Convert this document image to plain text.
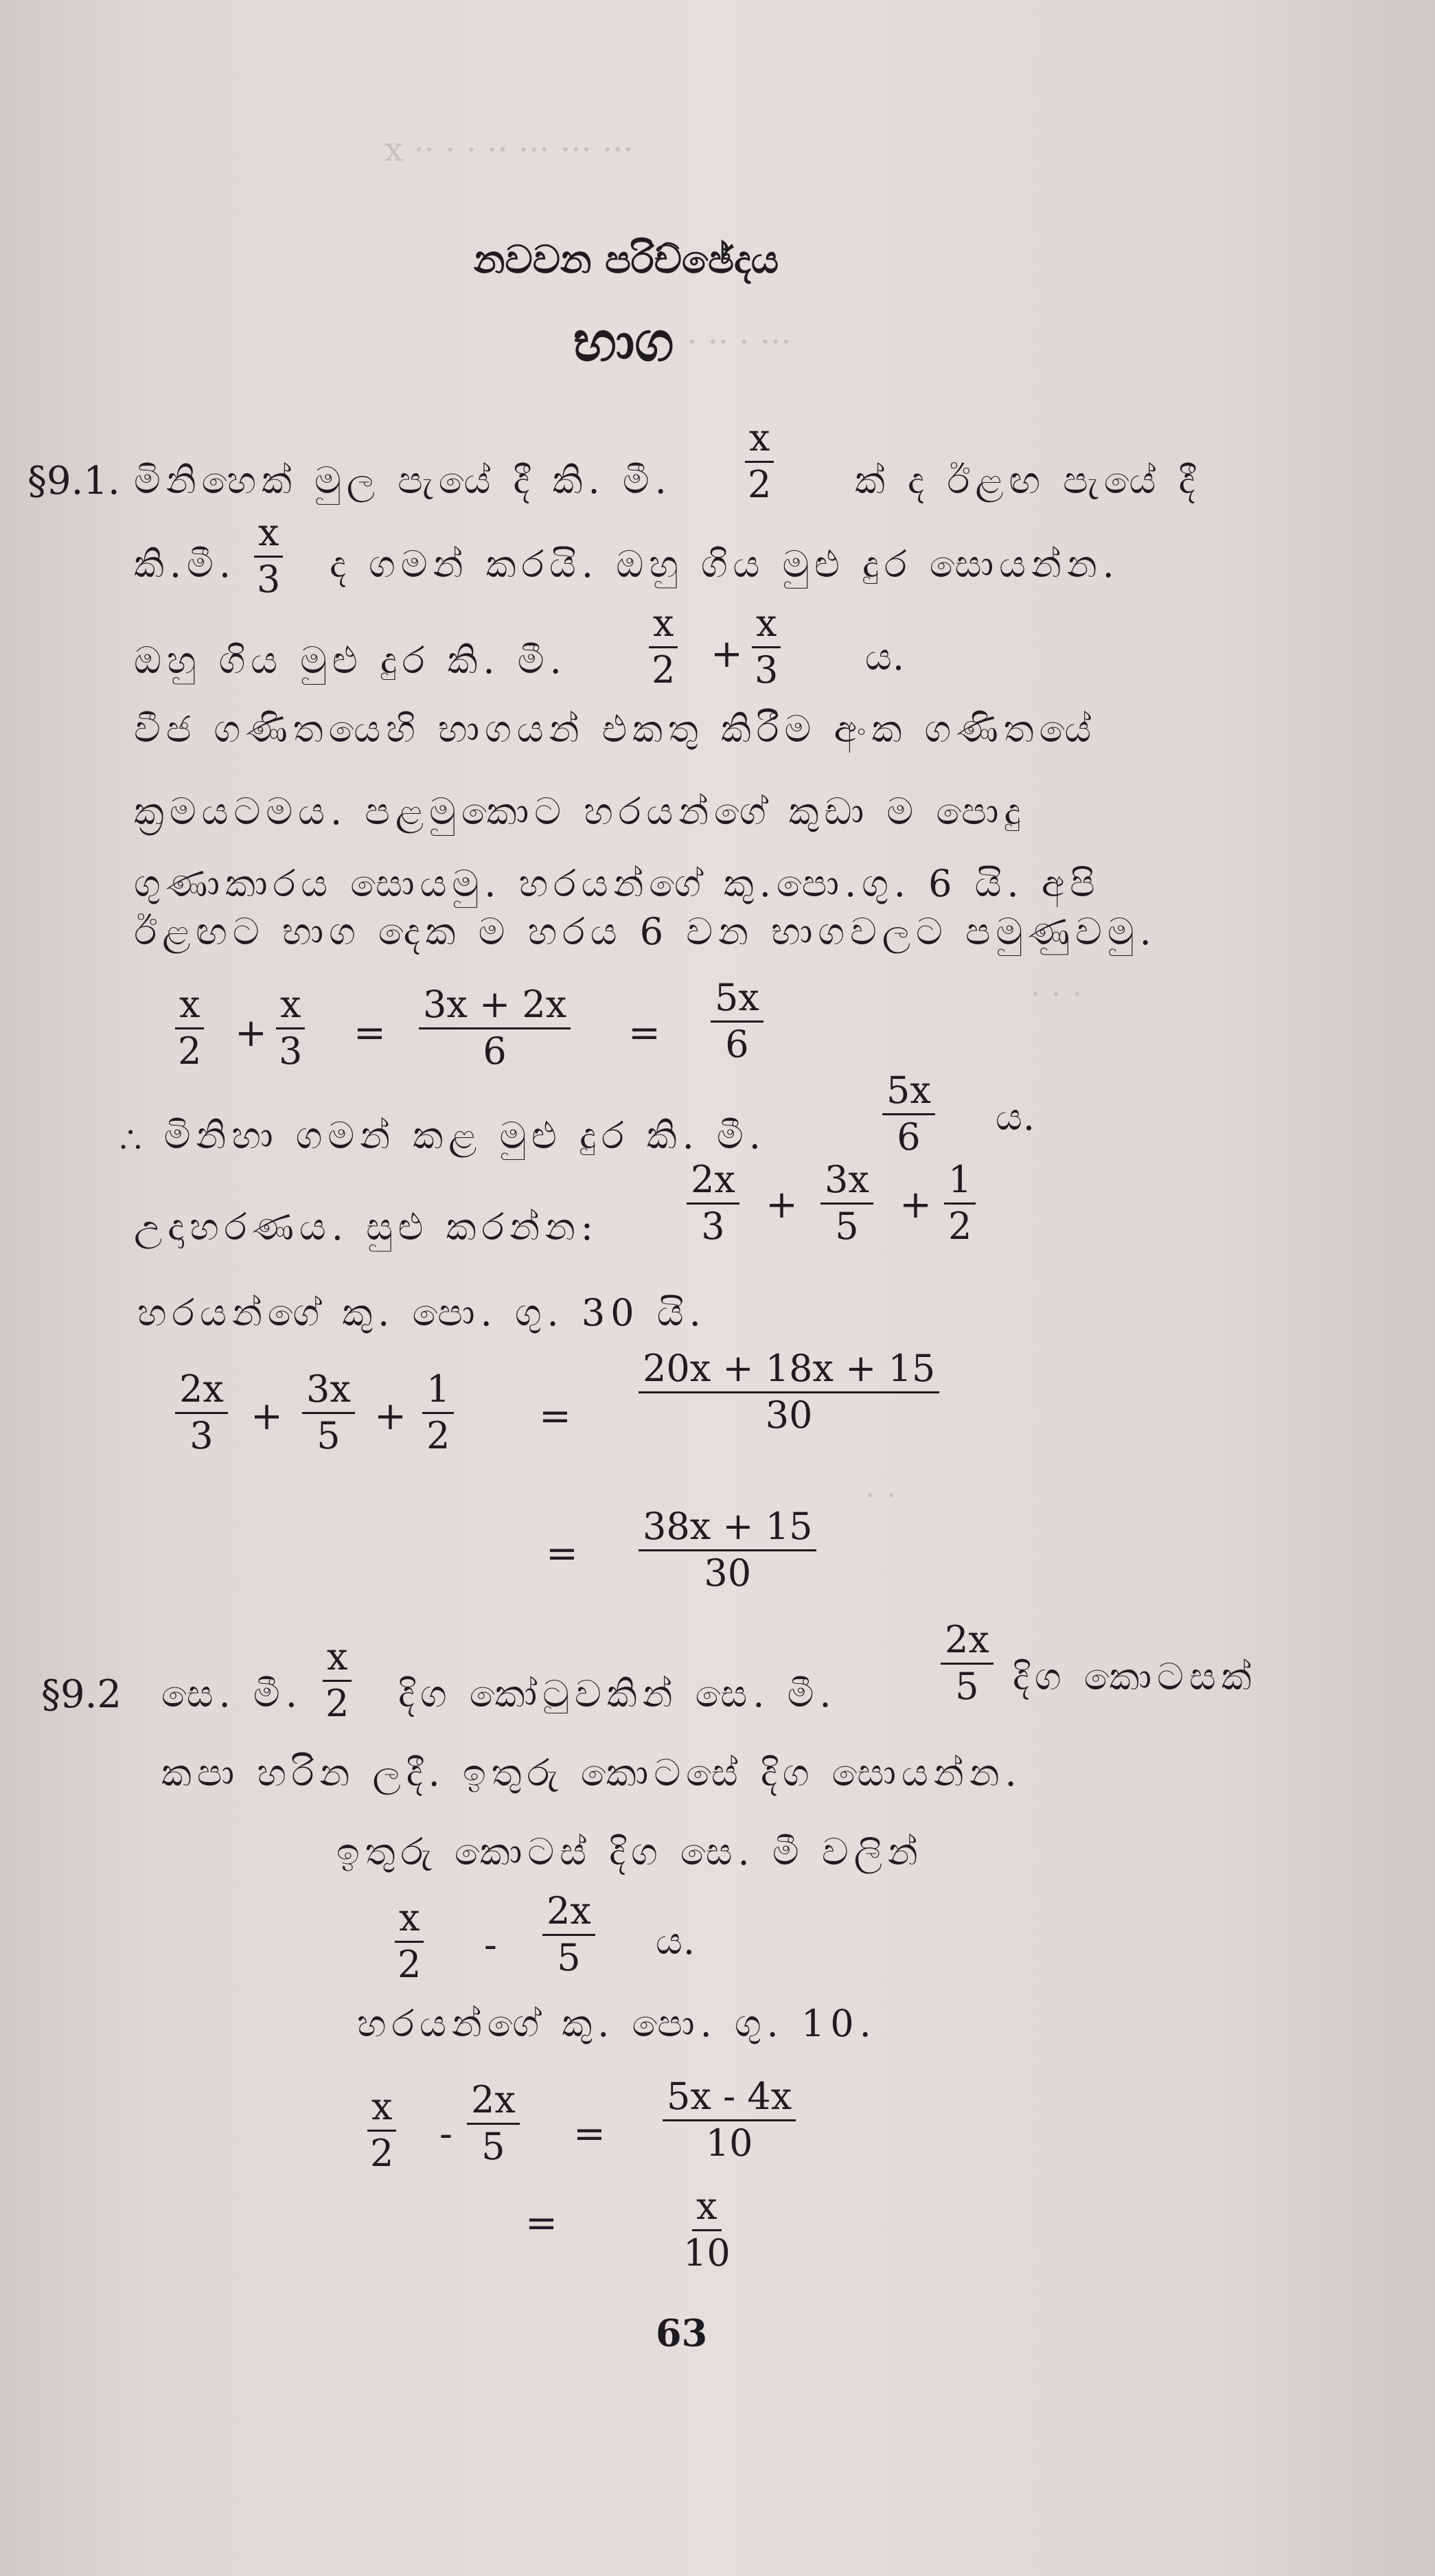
x ·· · · ·· ··· ··· ···
· ·· · ···
· · ·
· ·
නවවන පරිච්ඡේදය
භාග
§9.1. මිනිහෙක් මුල පැයේ දී කි. මී. $\frac{x}{2}$ ක් ද ඊළඟ පැයේ දී
කි.මී. $\frac{x}{3}$ ද ගමන් කරයි. ඔහු ගිය මුළු දුර සොයන්න.
ඔහු ගිය මුළු දුර කි. මී. $\frac{x}{2} + \frac{x}{3}$ ය.
වීජ ගණිතයෙහි භාගයන් එකතු කිරීම අංක ගණිතයේ
ක්‍රමයටමය. පළමුකොට හරයන්ගේ කුඩා ම පොදු
ගුණාකාරය සොයමු. හරයන්ගේ කු.පො.ගු. 6 යි. අපි
ඊළඟට භාග දෙක ම හරය 6 වන භාගවලට පමුණුවමු.
$\frac{x}{2} + \frac{x}{3} = \frac{3x + 2x}{6} = \frac{5x}{6}$
∴ මිනිහා ගමන් කළ මුළු දුර කි. මී.	$\frac{5x}{6}$ ය.
උදාහරණය. සුළු කරන්න: $\frac{2x}{3} + \frac{3x}{5} + \frac{1}{2}$
හරයන්ගේ කු. පො. ගු. 30 යි.
$\frac{2x}{3} + \frac{3x}{5} + \frac{1}{2} = \frac{20x + 18x + 15}{30}$
= $\frac{38x + 15}{30}$
§9.2 සෙ. මී. $\frac{x}{2}$ දිග කෝටුවකින් සෙ. මී.	$\frac{2x}{5}$ දිග කොටසක්
කපා හරින ලදී. ඉතුරු කොටසේ දිග සොයන්න.
ඉතුරු කොටස් දිග සෙ. මී වලින්
$\frac{x}{2} - \frac{2x}{5}$ ය.
හරයන්ගේ කු. පො. ගු. 10.
$\frac{x}{2} - \frac{2x}{5} = \frac{5x - 4x}{10}$
=	$\frac{x}{10}$
63
